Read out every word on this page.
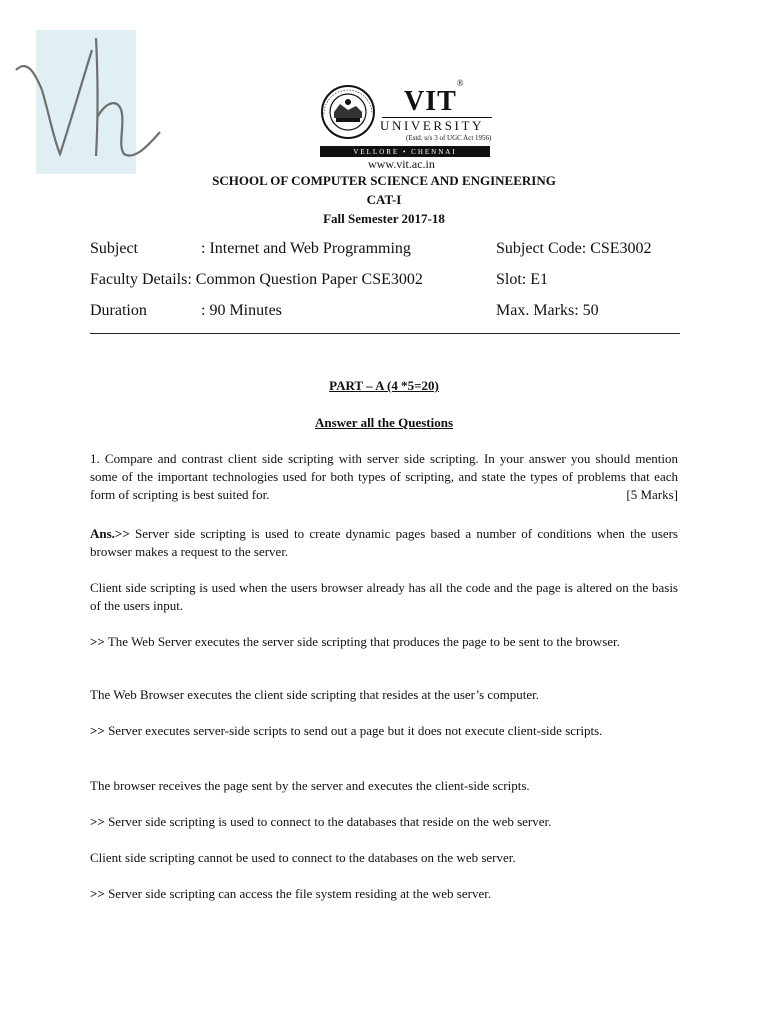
VIT®
UNIVERSITY
(Estd. u/s 3 of UGC Act 1956)
VELLORE • CHENNAI
www.vit.ac.in
SCHOOL OF COMPUTER SCIENCE AND ENGINEERING
CAT-I
Fall Semester 2017-18
Subject	: Internet and Web Programming	Subject Code: CSE3002
Faculty Details: Common Question Paper CSE3002	Slot: E1
Duration	: 90 Minutes	Max. Marks: 50
PART – A (4 *5=20)
Answer all the Questions
1. Compare and contrast client side scripting with server side scripting. In your answer you should mention some of the important technologies used for both types of scripting, and state the types of problems that each form of scripting is best suited for.	[5 Marks]
Ans.>> Server side scripting is used to create dynamic pages based a number of conditions when the users browser makes a request to the server.
Client side scripting is used when the users browser already has all the code and the page is altered on the basis of the users input.
>> The Web Server executes the server side scripting that produces the page to be sent to the browser.
The Web Browser executes the client side scripting that resides at the user’s computer.
>> Server executes server-side scripts to send out a page but it does not execute client-side scripts.
The browser receives the page sent by the server and executes the client-side scripts.
>> Server side scripting is used to connect to the databases that reside on the web server.
Client side scripting cannot be used to connect to the databases on the web server.
>> Server side scripting can access the file system residing at the web server.
